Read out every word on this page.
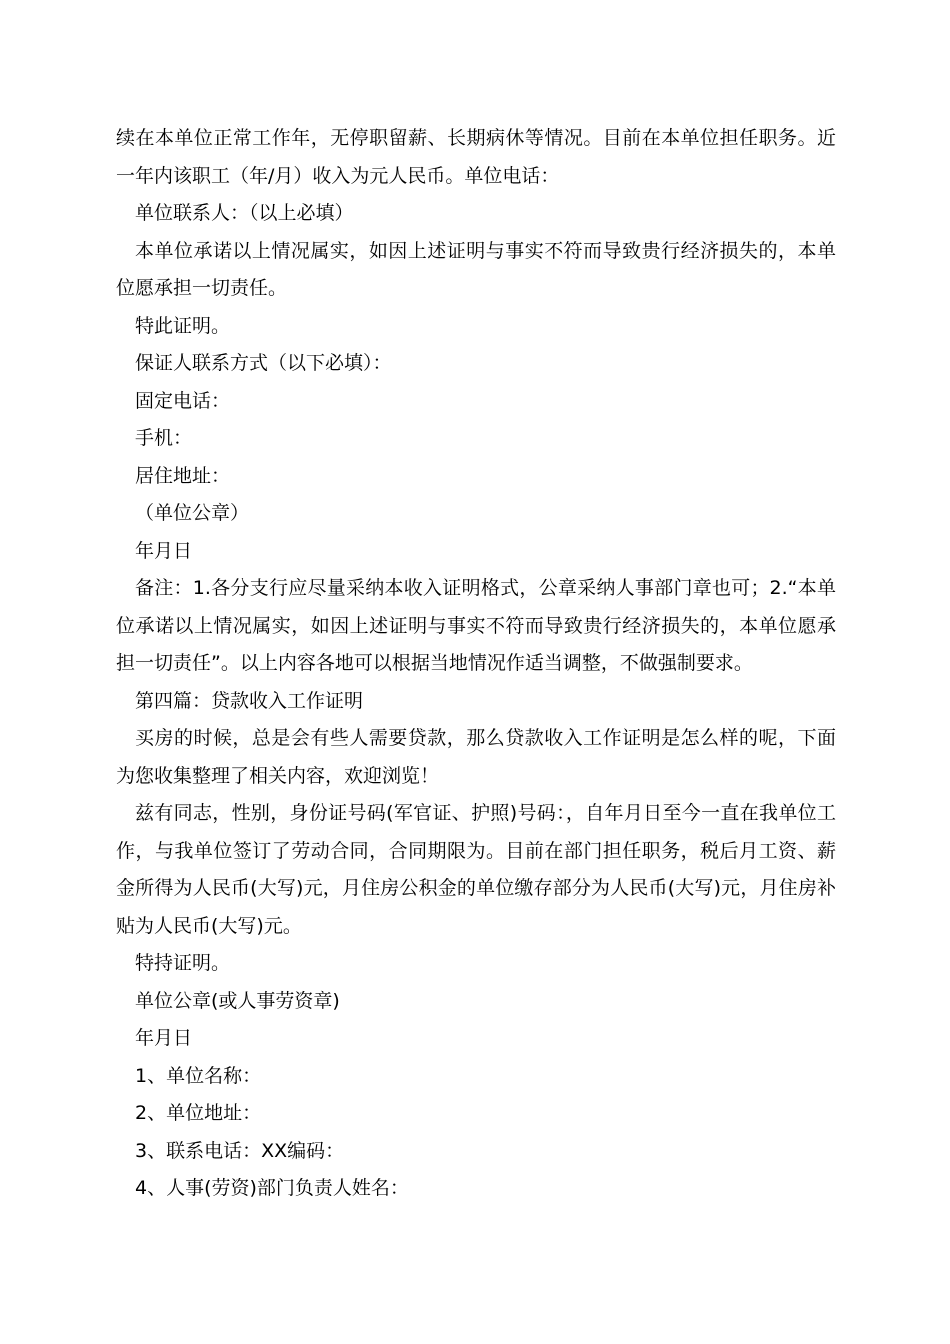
续在本单位正常工作年，无停职留薪、长期病休等情况。目前在本单位担任职务。近一年内该职工（年/月）收入为元人民币。单位电话：

单位联系人：（以上必填）

本单位承诺以上情况属实，如因上述证明与事实不符而导致贵行经济损失的，本单位愿承担一切责任。

特此证明。

保证人联系方式（以下必填）：

固定电话：

手机：

居住地址：

（单位公章）

年月日

备注：1.各分支行应尽量采纳本收入证明格式，公章采纳人事部门章也可；2.“本单位承诺以上情况属实，如因上述证明与事实不符而导致贵行经济损失的，本单位愿承担一切责任”。以上内容各地可以根据当地情况作适当调整，不做强制要求。

第四篇：贷款收入工作证明

买房的时候，总是会有些人需要贷款，那么贷款收入工作证明是怎么样的呢，下面为您收集整理了相关内容，欢迎浏览！

兹有同志，性别，身份证号码(军官证、护照)号码：，自年月日至今一直在我单位工作，与我单位签订了劳动合同，合同期限为。目前在部门担任职务，税后月工资、薪金所得为人民币(大写)元，月住房公积金的单位缴存部分为人民币(大写)元，月住房补贴为人民币(大写)元。

特持证明。

单位公章(或人事劳资章)

年月日

1、单位名称：

2、单位地址：

3、联系电话：XX编码：

4、人事(劳资)部门负责人姓名：
